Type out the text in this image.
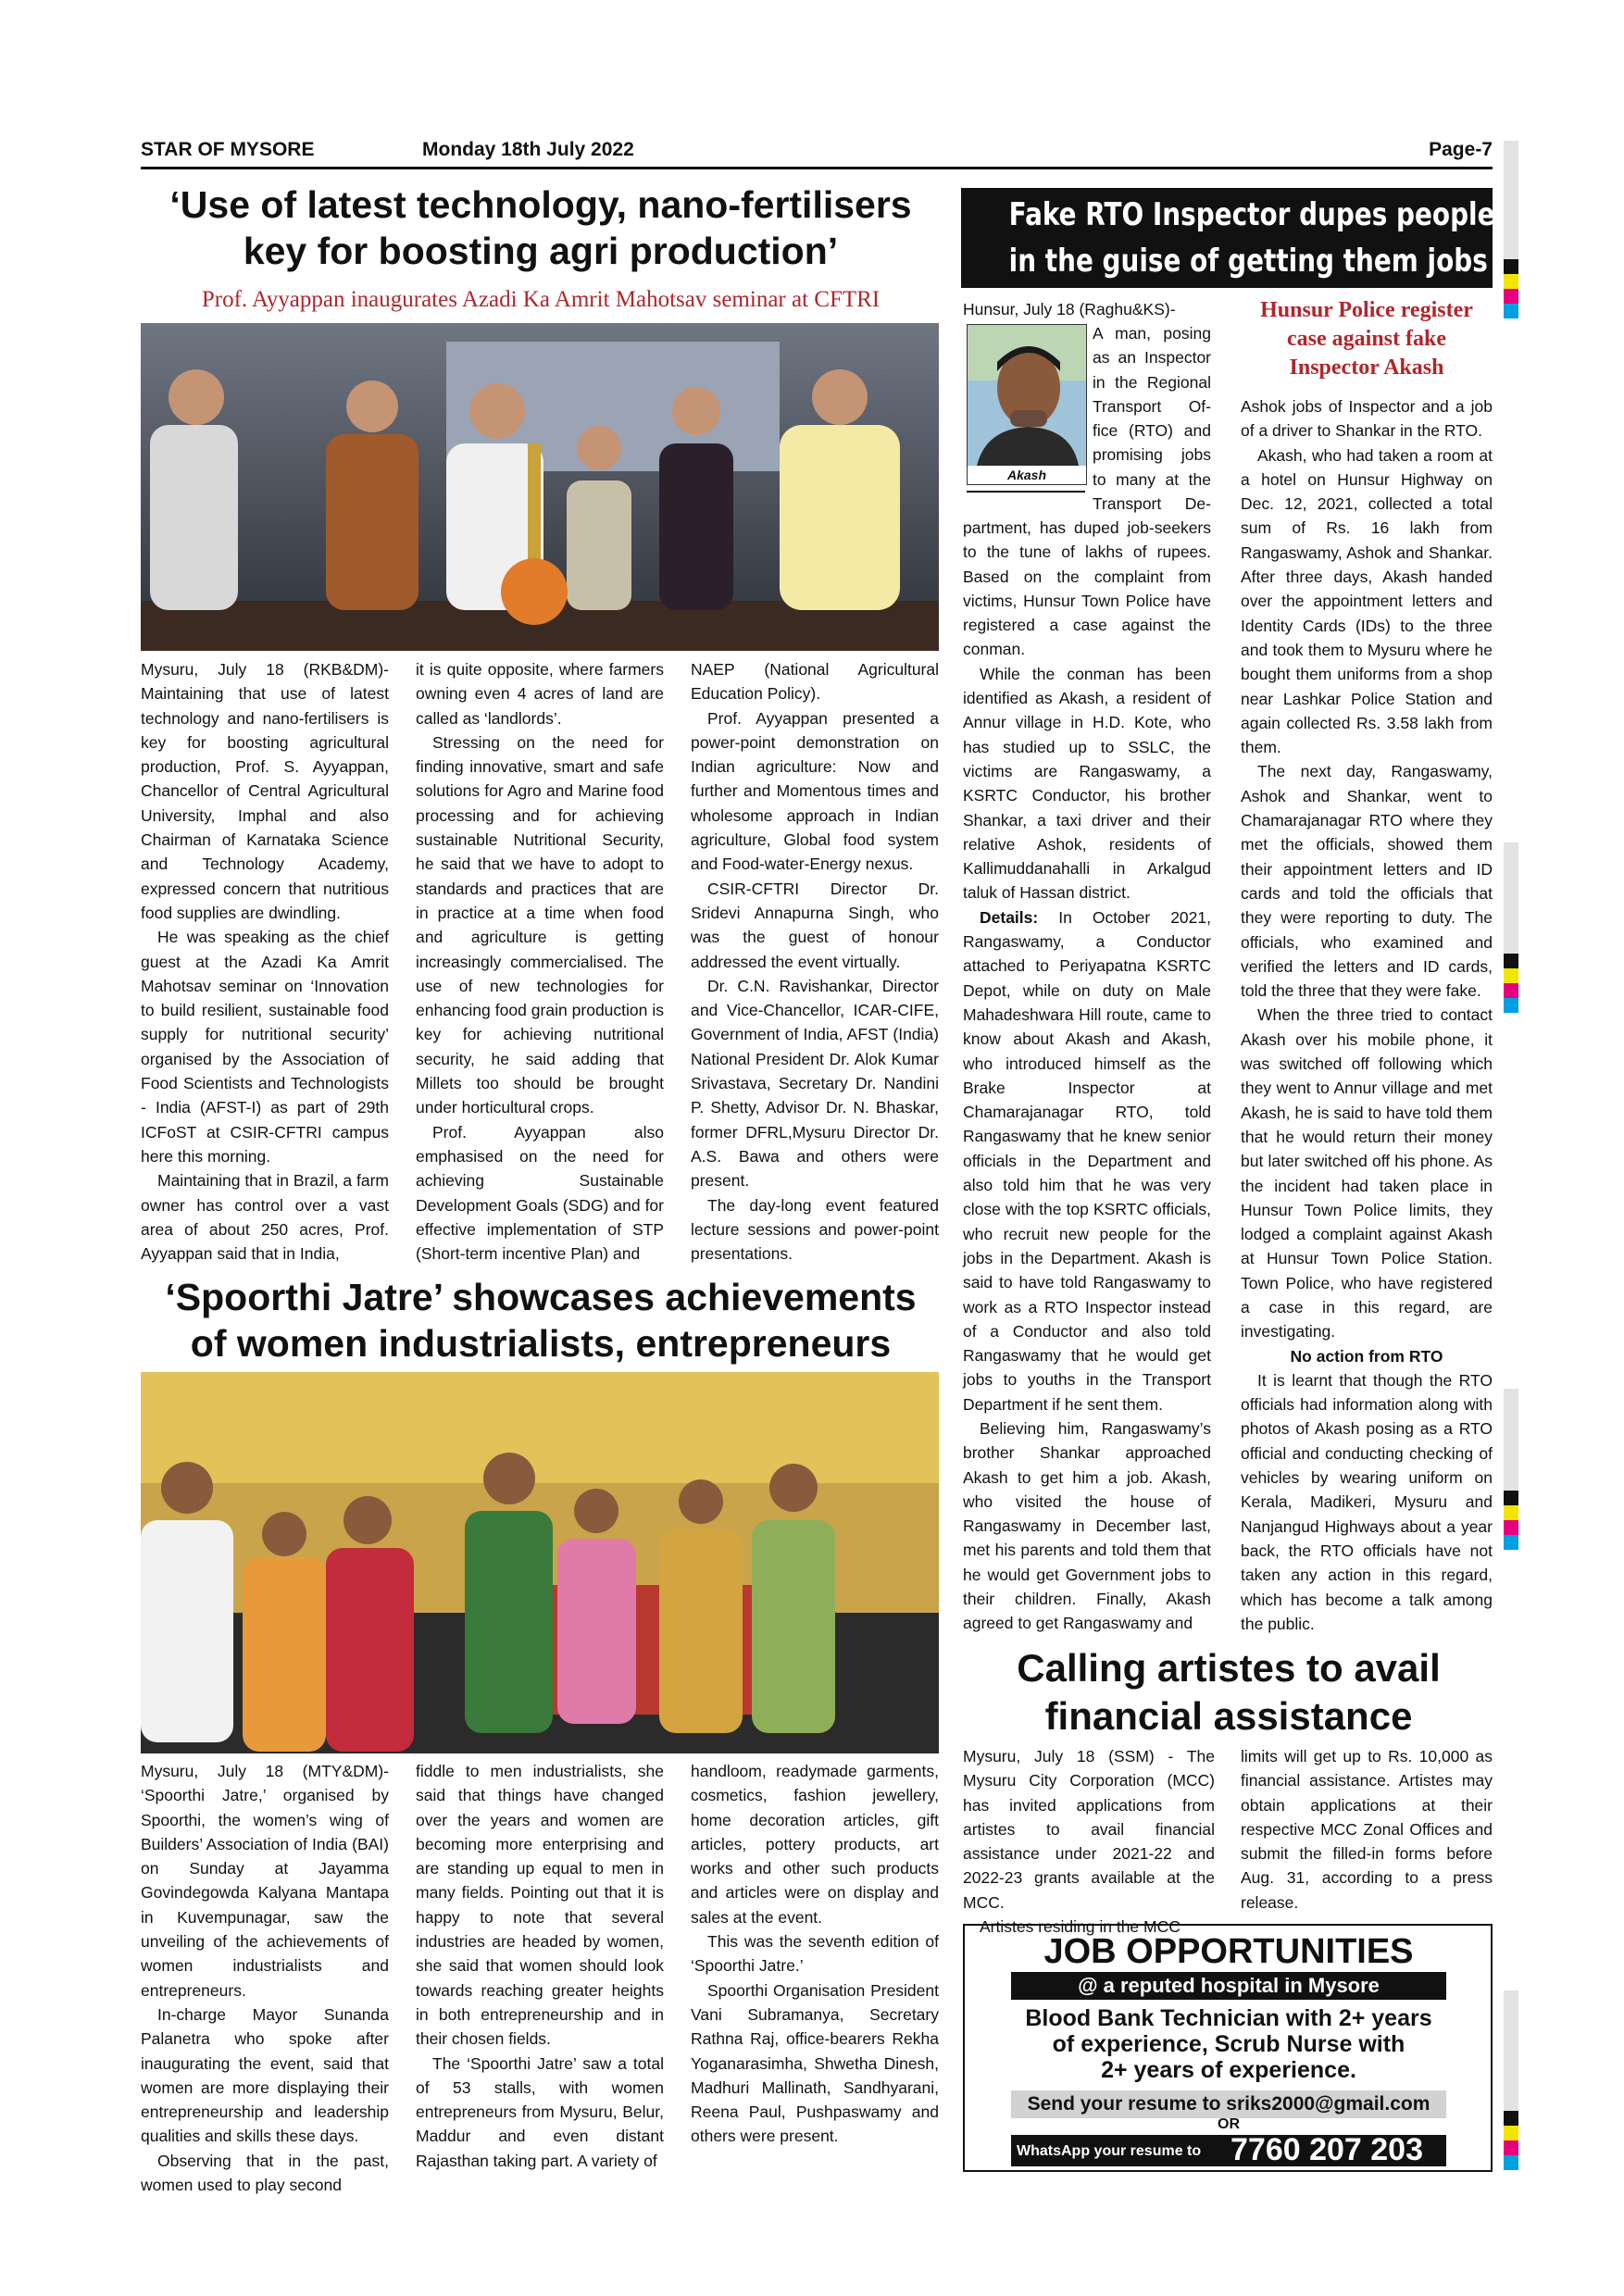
STAR OF MYSORE	Monday 18th July 2022	Page-7
‘Use of latest technology, nano-fertilisers
key for boosting agri production’
Prof. Ayyappan inaugurates Azadi Ka Amrit Mahotsav seminar at CFTRI

Mysuru, July 18 (RKB&DM)- Maintaining that use of latest technology and nano-fertilisers is key for boosting agricultural production, Prof. S. Ayyappan, Chancellor of Central Agricultural University, Imphal and also Chairman of Karnataka Science and Technology Academy, expressed concern that nutritious food supplies are dwindling.

He was speaking as the chief guest at the Azadi Ka Amrit Mahotsav seminar on ‘Innovation to build resilient, sustainable food supply for nutritional security’ organised by the Association of Food Scientists and Technologists - India (AFST-I) as part of 29th ICFoST at CSIR-CFTRI campus here this morning.

Maintaining that in Brazil, a farm owner has control over a vast area of about 250 acres, Prof. Ayyappan said that in India,

it is quite opposite, where farmers owning even 4 acres of land are called as ‘landlords’.

Stressing on the need for finding innovative, smart and safe solutions for Agro and Marine food processing and for achieving sustainable Nutritional Security, he said that we have to adopt to standards and practices that are in practice at a time when food and agriculture is getting increasingly commercialised. The use of new technologies for enhancing food grain production is key for achieving nutritional security, he said adding that Millets too should be brought under horticultural crops.

Prof. Ayyappan also emphasised on the need for achieving Sustainable Development Goals (SDG) and for effective implementation of STP (Short-term incentive Plan) and

NAEP (National Agricultural Education Policy).

Prof. Ayyappan presented a power-point demonstration on Indian agriculture: Now and further and Momentous times and wholesome approach in Indian agriculture, Global food system and Food-water-Energy nexus.

CSIR-CFTRI Director Dr. Sridevi Annapurna Singh, who was the guest of honour addressed the event virtually.

Dr. C.N. Ravishankar, Director and Vice-Chancellor, ICAR-CIFE, Government of India, AFST (India) National President Dr. Alok Kumar Srivastava, Secretary Dr. Nandini P. Shetty, Advisor Dr. N. Bhaskar, former DFRL,Mysuru Director Dr. A.S. Bawa and others were present.

The day-long event featured lecture sessions and power-point presentations.

‘Spoorthi Jatre’ showcases achievements
of women industrialists, entrepreneurs

Mysuru, July 18 (MTY&DM)- ‘Spoorthi Jatre,’ organised by Spoorthi, the women’s wing of Builders’ Association of India (BAI) on Sunday at Jayamma Govindegowda Kalyana Mantapa in Kuvempunagar, saw the unveiling of the achievements of women industrialists and entrepreneurs.

In-charge Mayor Sunanda Palanetra who spoke after inaugurating the event, said that women are more displaying their entrepreneurship and leadership qualities and skills these days.

Observing that in the past, women used to play second

fiddle to men industrialists, she said that things have changed over the years and women are becoming more enterprising and are standing up equal to men in many fields. Pointing out that it is happy to note that several industries are headed by women, she said that women should look towards reaching greater heights in both entrepreneurship and in their chosen fields.

The ‘Spoorthi Jatre’ saw a total of 53 stalls, with women entrepreneurs from Mysuru, Belur, Maddur and even distant Rajasthan taking part. A variety of

handloom, readymade garments, cosmetics, fashion jewellery, home decoration articles, gift articles, pottery products, art works and other such products and articles were on display and sales at the event.

This was the seventh edition of ‘Spoorthi Jatre.’

Spoorthi Organisation President Vani Subramanya, Secretary Rathna Raj, office-bearers Rekha Yoganarasimha, Shwetha Dinesh, Madhuri Mallinath, Sandhyarani, Reena Paul, Pushpaswamy and others were present.

Fake RTO Inspector dupes people
in the guise of getting them jobs
Hunsur, July 18 (Raghu&KS)-
Akash
A man, posing
as an Inspector
in the Regional
Transport Of-
fice (RTO) and
promising jobs
to many at the
Transport De-

partment, has duped job-seekers to the tune of lakhs of rupees. Based on the complaint from victims, Hunsur Town Police have registered a case against the conman.

While the conman has been identified as Akash, a resident of Annur village in H.D. Kote, who has studied up to SSLC, the victims are Rangaswamy, a KSRTC Conductor, his brother Shankar, a taxi driver and their relative Ashok, residents of Kallimuddanahalli in Arkalgud taluk of Hassan district.

Details: In October 2021, Rangaswamy, a Conductor attached to Periyapatna KSRTC Depot, while on duty on Male Mahadeshwara Hill route, came to know about Akash and Akash, who introduced himself as the Brake Inspector at Chamarajanagar RTO, told Rangaswamy that he knew senior officials in the Department and also told him that he was very close with the top KSRTC officials, who recruit new people for the jobs in the Department. Akash is said to have told Rangaswamy to work as a RTO Inspector instead of a Conductor and also told Rangaswamy that he would get jobs to youths in the Transport Department if he sent them.

Believing him, Rangaswamy’s brother Shankar approached Akash to get him a job. Akash, who visited the house of Rangaswamy in December last, met his parents and told them that he would get Government jobs to their children. Finally, Akash agreed to get Rangaswamy and

Hunsur Police register
case against fake
Inspector Akash

Ashok jobs of Inspector and a job of a driver to Shankar in the RTO.

Akash, who had taken a room at a hotel on Hunsur Highway on Dec. 12, 2021, collected a total sum of Rs. 16 lakh from Rangaswamy, Ashok and Shankar. After three days, Akash handed over the appointment letters and Identity Cards (IDs) to the three and took them to Mysuru where he bought them uniforms from a shop near Lashkar Police Station and again collected Rs. 3.58 lakh from them.

The next day, Rangaswamy, Ashok and Shankar, went to Chamarajanagar RTO where they met the officials, showed them their appointment letters and ID cards and told the officials that they were reporting to duty. The officials, who examined and verified the letters and ID cards, told the three that they were fake.

When the three tried to contact Akash over his mobile phone, it was switched off following which they went to Annur village and met Akash, he is said to have told them that he would return their money but later switched off his phone. As the incident had taken place in Hunsur Town Police limits, they lodged a complaint against Akash at Hunsur Town Police Station. Town Police, who have registered a case in this regard, are investigating.

No action from RTO

It is learnt that though the RTO officials had information along with photos of Akash posing as a RTO official and conducting checking of vehicles by wearing uniform on Kerala, Madikeri, Mysuru and Nanjangud Highways about a year back, the RTO officials have not taken any action in this regard, which has become a talk among the public.

Calling artistes to avail
financial assistance

Mysuru, July 18 (SSM) - The Mysuru City Corporation (MCC) has invited applications from artistes to avail financial assistance under 2021-22 and 2022-23 grants available at the MCC.

Artistes residing in the MCC

limits will get up to Rs. 10,000 as financial assistance. Artistes may obtain applications at their respective MCC Zonal Offices and submit the filled-in forms before Aug. 31, according to a press release.

JOB OPPORTUNITIES
@ a reputed hospital in Mysore
Blood Bank Technician with 2+ years
of experience, Scrub Nurse with
2+ years of experience.
Send your resume to sriks2000@gmail.com
OR
WhatsApp your resume to 7760 207 203
